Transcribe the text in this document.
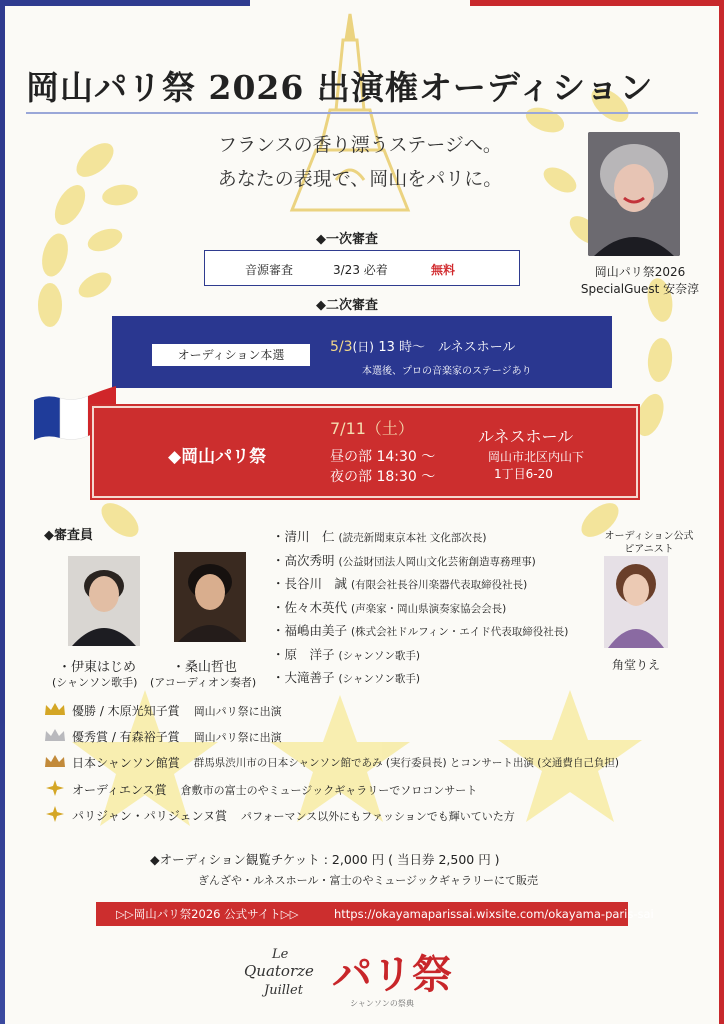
岡山パリ祭 2026 出演権オーディション
フランスの香り漂うステージへ。
あなたの表現で、岡山をパリに。
岡山パリ祭2026
SpecialGuest 安奈淳
◆一次審査
音源審査	3/23 必着	無料
◆二次審査
オーディション本選	5/3(日) 13 時～　ルネスホール
本選後、プロの音楽家のステージあり
◆岡山パリ祭
7/11（土）
昼の部 14:30 ～
夜の部 18:30 ～
ルネスホール
岡山市北区内山下
1丁目6-20
◆審査員
・伊東はじめ
(シャンソン歌手)
・桑山哲也
(アコーディオン奏者)
・清川　仁 (読売新聞東京本社 文化部次長)
・高次秀明 (公益財団法人岡山文化芸術創造専務理事)
・長谷川　誠 (有限会社長谷川楽器代表取締役社長)
・佐々木英代 (声楽家・岡山県演奏家協会会長)
・福嶋由美子 (株式会社ドルフィン・エイド代表取締役社長)
・原　洋子 (シャンソン歌手)
・大滝善子 (シャンソン歌手)
オーディション公式
ピアニスト
角堂りえ
優勝 / 木原光知子賞 岡山パリ祭に出演
優秀賞 / 有森裕子賞 岡山パリ祭に出演
日本シャンソン館賞 群馬県渋川市の日本シャンソン館であみ (実行委員長) とコンサート出演 (交通費自己負担)
オーディエンス賞 倉敷市の富士のやミュージックギャラリーでソロコンサート
パリジャン・パリジェンヌ賞 パフォーマンス以外にもファッションでも輝いていた方
◆オーディション観覧チケット : 2,000 円 ( 当日券 2,500 円 )
ぎんざや・ルネスホール・富士のやミュージックギャラリーにて販売
▷▷岡山パリ祭2026 公式サイト▷▷	https://okayamaparissai.wixsite.com/okayama-paris-sai
Le
Quatorze
Juillet パリ祭
シャンソンの祭典
